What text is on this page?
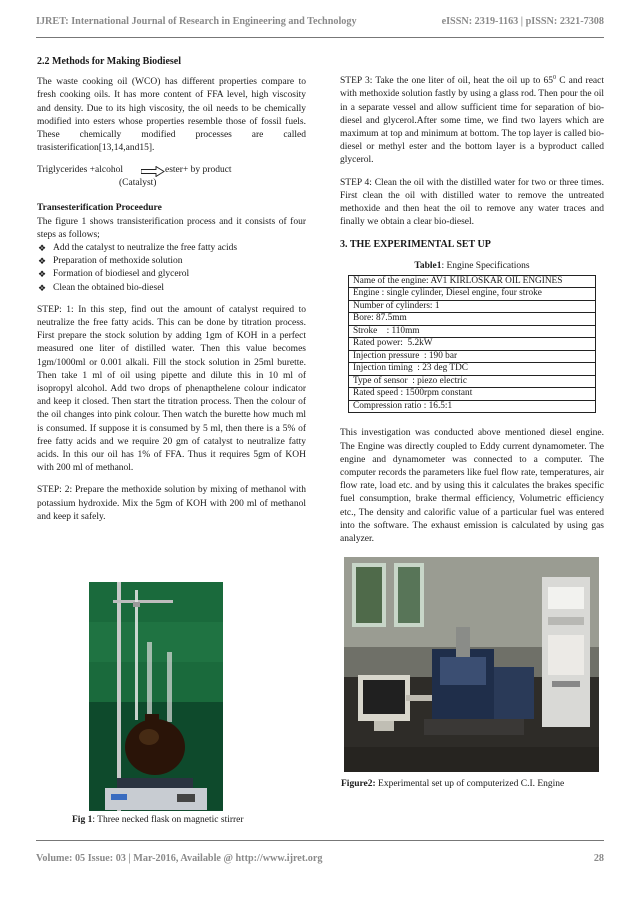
IJRET: International Journal of Research in Engineering and Technology	eISSN: 2319-1163 | pISSN: 2321-7308
2.2 Methods for Making Biodiesel

The waste cooking oil (WCO) has different properties compare to fresh cooking oils. It has more content of FFA level, high viscosity and density. Due to its high viscosity, the oil needs to be chemically modified into esters whose properties resemble those of fossil fuels. These chemically modified processes are called trasisterification[13,14,and15].

Triglycerides +alcohol	ester+ by product
(Catalyst)
Transesterification Proceedure
The figure 1 shows transisterification process and it consists of four steps as follows;
❖ Add the catalyst to neutralize the free fatty acids
❖ Preparation of methoxide solution
❖ Formation of biodiesel and glycerol
❖ Clean the obtained bio-diesel

STEP: 1: In this step, find out the amount of catalyst required to neutralize the free fatty acids. This can be done by titration process. First prepare the stock solution by adding 1gm of KOH in a perfect measured one liter of distilled water. Then this value becomes 1gm/1000ml or 0.001 alkali. Fill the stock solution in 25ml burette. Then take 1 ml of oil using pipette and dilute this in 10 ml of isopropyl alcohol. Add two drops of phenapthelene colour indicator and keep it closed. Then start the titration process. Then the colour of the oil changes into pink colour. Then watch the burette how much ml is consumed. If suppose it is consumed by 5 ml, then there is a 5% of free fatty acids and we require 20 gm of catalyst to neutralize fatty acids. In this our oil has 1% of FFA. Thus it requires 5gm of KOH with 200 ml of methanol.

STEP: 2: Prepare the methoxide solution by mixing of methanol with potassium hydroxide. Mix the 5gm of KOH with 200 ml of methanol and keep it safely.

Fig 1: Three necked flask on magnetic stirrer

STEP 3: Take the one liter of oil, heat the oil up to $65^0$ C and react with methoxide solution fastly by using a glass rod. Then pour the oil in a separate vessel and allow sufficient time for separation of bio-diesel and glycerol.After some time, we find two layers which are maximum at top and minimum at bottom. The top layer is called bio-diesel or methyl ester and the bottom layer is a byproduct called glycerol.

STEP 4: Clean the oil with the distilled water for two or three times. First clean the oil with distilled water to remove the untreated methoxide and then heat the oil to remove any water traces and finally we obtain a clear bio-diesel.

3. THE EXPERIMENTAL SET UP
Table1: Engine Specifications
Name of the engine: AV1 KIRLOSKAR OIL ENGINES
Engine : single cylinder, Diesel engine, four stroke
Number of cylinders: 1
Bore: 87.5mm
Stroke    : 110mm
Rated power:  5.2kW
Injection pressure  : 190 bar
Injection timing  : 23 deg TDC
Type of sensor  : piezo electric
Rated speed : 1500rpm constant
Compression ratio : 16.5:1

This investigation was conducted above mentioned diesel engine. The Engine was directly coupled to Eddy current dynamometer. The engine and dynamometer was connected to a computer. The computer records the parameters like fuel flow rate, temperatures, air flow rate, load etc. and by using this it calculates the brakes specific fuel consumption, brake thermal efficiency, Volumetric efficiency etc., The density and calorific value of a particular fuel was entered into the software. The exhaust emission is calculated by using gas analyzer.

Figure2: Experimental set up of computerized C.I. Engine
Volume: 05 Issue: 03 | Mar-2016, Available @ http://www.ijret.org	28
